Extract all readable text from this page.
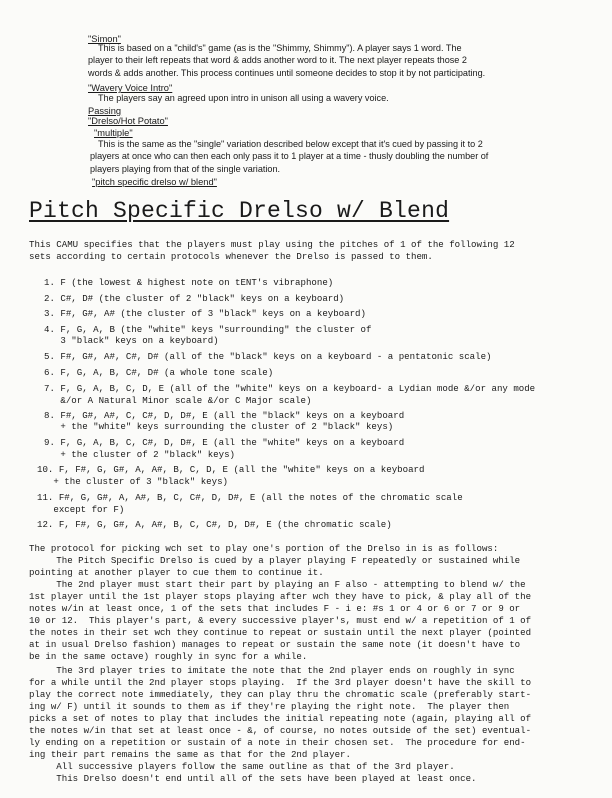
"Simon"
This is based on a "child's" game (as is the "Shimmy, Shimmy"). A player says 1 word. The
player to their left repeats that word & adds another word to it. The next player repeats those 2
words & adds another. This process continues until someone decides to stop it by not participating.
"Wavery Voice Intro"
The players say an agreed upon intro in unison all using a wavery voice.
Passing
"Drelso/Hot Potato"
"multiple"
This is the same as the "single" variation described below except that it's cued by passing it to 2
players at once who can then each only pass it to 1 player at a time - thusly doubling the number of
players playing from that of the single variation.
"pitch specific drelso w/ blend"
Pitch Specific Drelso w/ Blend
This CAMU specifies that the players must play using the pitches of 1 of the following 12
sets according to certain protocols whenever the Drelso is passed to them.
1. F (the lowest & highest note on tENT's vibraphone)
2. C#, D# (the cluster of 2 "black" keys on a keyboard)
3. F#, G#, A# (the cluster of 3 "black" keys on a keyboard)
4. F, G, A, B (the "white" keys "surrounding" the cluster of
3 "black" keys on a keyboard)
5. F#, G#, A#, C#, D# (all of the "black" keys on a keyboard - a pentatonic scale)
6. F, G, A, B, C#, D# (a whole tone scale)
7. F, G, A, B, C, D, E (all of the "white" keys on a keyboard- a Lydian mode &/or any mode
&/or A Natural Minor scale &/or C Major scale)
8. F#, G#, A#, C, C#, D, D#, E (all the "black" keys on a keyboard
+ the "white" keys surrounding the cluster of 2 "black" keys)
9. F, G, A, B, C, C#, D, D#, E (all the "white" keys on a keyboard
+ the cluster of 2 "black" keys)
10. F, F#, G, G#, A, A#, B, C, D, E (all the "white" keys on a keyboard
+ the cluster of 3 "black" keys)
11. F#, G, G#, A, A#, B, C, C#, D, D#, E (all the notes of the chromatic scale
except for F)
12. F, F#, G, G#, A, A#, B, C, C#, D, D#, E (the chromatic scale)
The protocol for picking wch set to play one's portion of the Drelso in is as follows:
The Pitch Specific Drelso is cued by a player playing F repeatedly or sustained while
pointing at another player to cue them to continue it.
The 2nd player must start their part by playing an F also - attempting to blend w/ the
1st player until the 1st player stops playing after wch they have to pick, & play all of the
notes w/in at least once, 1 of the sets that includes F - i e: #s 1 or 4 or 6 or 7 or 9 or
10 or 12.  This player's part, & every successive player's, must end w/ a repetition of 1 of
the notes in their set wch they continue to repeat or sustain until the next player (pointed
at in usual Drelso fashion) manages to repeat or sustain the same note (it doesn't have to
be in the same octave) roughly in sync for a while.
The 3rd player tries to imitate the note that the 2nd player ends on roughly in sync
for a while until the 2nd player stops playing.  If the 3rd player doesn't have the skill to
play the correct note immediately, they can play thru the chromatic scale (preferably start-
ing w/ F) until it sounds to them as if they're playing the right note.  The player then
picks a set of notes to play that includes the initial repeating note (again, playing all of
the notes w/in that set at least once - &, of course, no notes outside of the set) eventual-
ly ending on a repetition or sustain of a note in their chosen set.  The procedure for end-
ing their part remains the same as that for the 2nd player.
All successive players follow the same outline as that of the 3rd player.
This Drelso doesn't end until all of the sets have been played at least once.
